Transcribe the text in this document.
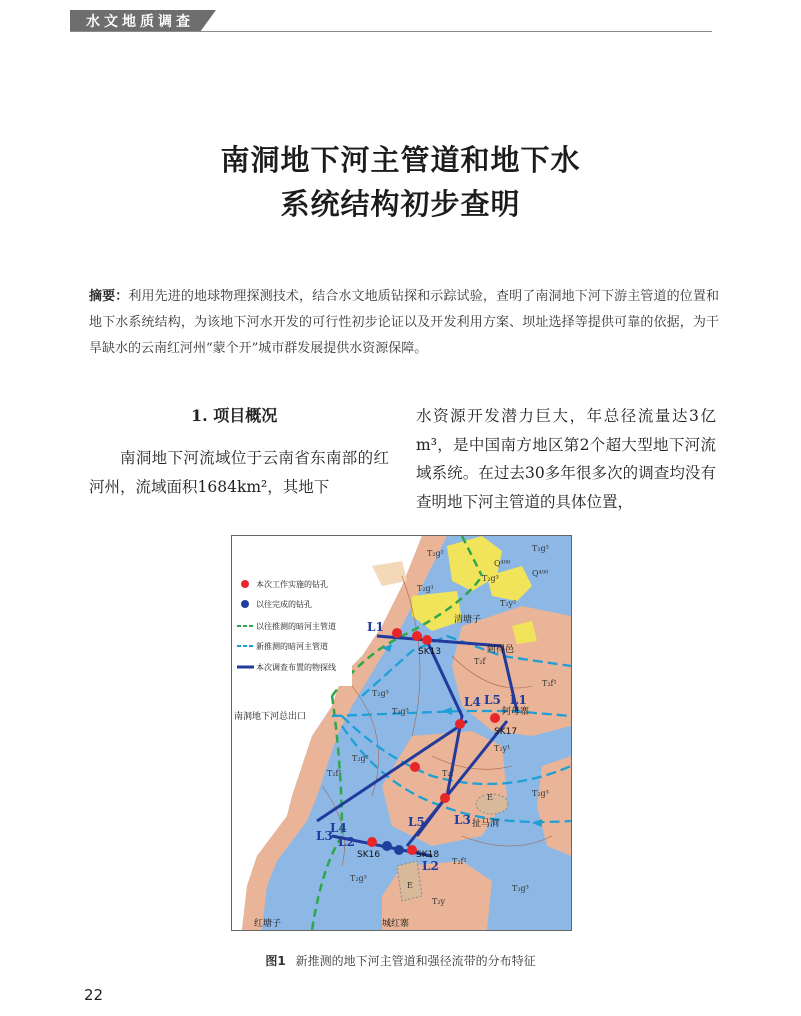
水文地质调查
南洞地下河主管道和地下水
系统结构初步查明
摘要：利用先进的地球物理探测技术，结合水文地质钻探和示踪试验，查明了南洞地下河下游主管道的位置和地下水系统结构，为该地下河水开发的可行性初步论证以及开发利用方案、坝址选择等提供可靠的依据，为干旱缺水的云南红河州“蒙个开”城市群发展提供水资源保障。
1. 项目概况
南洞地下河流域位于云南省东南部的红河州，流域面积1684km²，其地下
水资源开发潜力巨大，年总径流量达3亿m³，是中国南方地区第2个超大型地下河流域系统。在过去30多年很多次的调查均没有查明地下河主管道的具体位置，
本次工作实施的钻孔
以往完成的钻孔
以往推测的暗河主管道
新推测的暗河主管道
本次调查布置的物探线
南洞地下河总出口
清塘子
阿得邑
阿母寨
扯马洞
红塘子	城红寨
SK13
SK17
SK16	SK18
L1
L1
L4
L4
L5
L5
L3
L3
L2
L2
T₂g²
T₂g³
T₂g¹
T₂g³
T₂y²
T₂f
T₂f¹
T₂g³
T₂y¹
T₂f¹
T₂g³
T₂f
T₂g²
T₂g³
E
T₂f¹
T₂g³
E
T₂y
T₂g³
Q⁴⁰⁰
Q⁴⁰⁰
图1 新推测的地下河主管道和强径流带的分布特征
22
